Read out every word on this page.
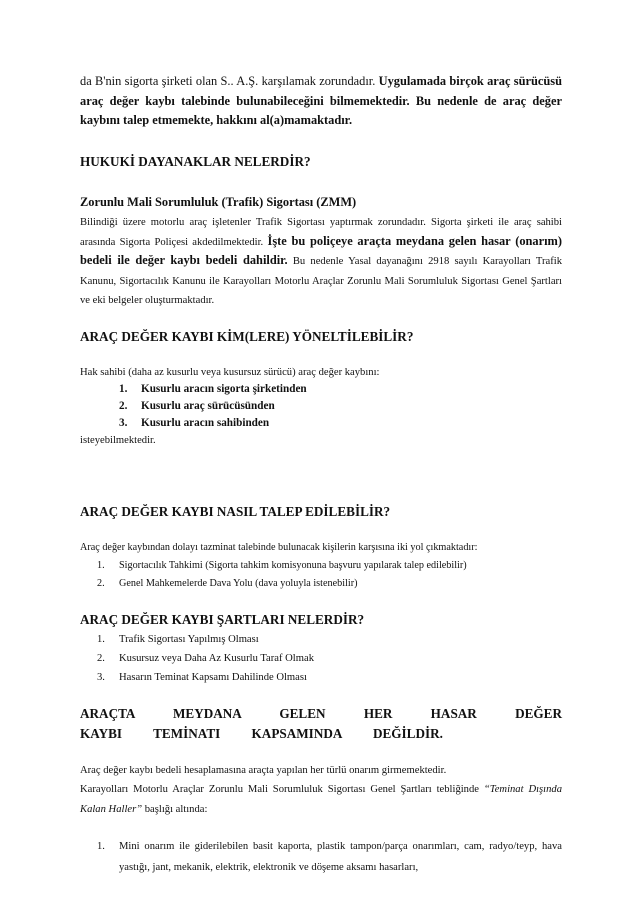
da B'nin sigorta şirketi olan S.. A.Ş. karşılamak zorundadır. Uygulamada birçok araç sürücüsü araç değer kaybı talebinde bulunabileceğini bilmemektedir. Bu nedenle de araç değer kaybını talep etmemekte, hakkını al(a)mamaktadır.

HUKUKİ DAYANAKLAR NELERDİR?

Zorunlu Mali Sorumluluk (Trafik) Sigortası (ZMM)

Bilindiği üzere motorlu araç işletenler Trafik Sigortası yaptırmak zorundadır. Sigorta şirketi ile araç sahibi arasında Sigorta Poliçesi akdedilmektedir. İşte bu poliçeye araçta meydana gelen hasar (onarım) bedeli ile değer kaybı bedeli dahildir. Bu nedenle Yasal dayanağını 2918 sayılı Karayolları Trafik Kanunu, Sigortacılık Kanunu ile Karayolları Motorlu Araçlar Zorunlu Mali Sorumluluk Sigortası Genel Şartları ve eki belgeler oluşturmaktadır.

ARAÇ DEĞER KAYBI KİM(LERE) YÖNELTİLEBİLİR?

Hak sahibi (daha az kusurlu veya kusursuz sürücü) araç değer kaybını:

1. Kusurlu aracın sigorta şirketinden
2. Kusurlu araç sürücüsünden
3. Kusurlu aracın sahibinden

isteyebilmektedir.

ARAÇ DEĞER KAYBI NASIL TALEP EDİLEBİLİR?

Araç değer kaybından dolayı tazminat talebinde bulunacak kişilerin karşısına iki yol çıkmaktadır:

1. Sigortacılık Tahkimi (Sigorta tahkim komisyonuna başvuru yapılarak talep edilebilir)
2. Genel Mahkemelerde Dava Yolu (dava yoluyla istenebilir)
ARAÇ DEĞER KAYBI ŞARTLARI NELERDİR?
1. Trafik Sigortası Yapılmış Olması
2. Kusursuz veya Daha Az Kusurlu Taraf Olmak
3. Hasarın Teminat Kapsamı Dahilinde Olması
ARAÇTA MEYDANA GELEN HER HASAR DEĞER KAYBI TEMİNATI KAPSAMINDA DEĞİLDİR.

Araç değer kaybı bedeli hesaplamasına araçta yapılan her türlü onarım girmemektedir.

Karayolları Motorlu Araçlar Zorunlu Mali Sorumluluk Sigortası Genel Şartları tebliğinde “Teminat Dışında Kalan Haller” başlığı altında:

1. Mini onarım ile giderilebilen basit kaporta, plastik tampon/parça onarımları, cam, radyo/teyp, hava yastığı, jant, mekanik, elektrik, elektronik ve döşeme aksamı hasarları,
